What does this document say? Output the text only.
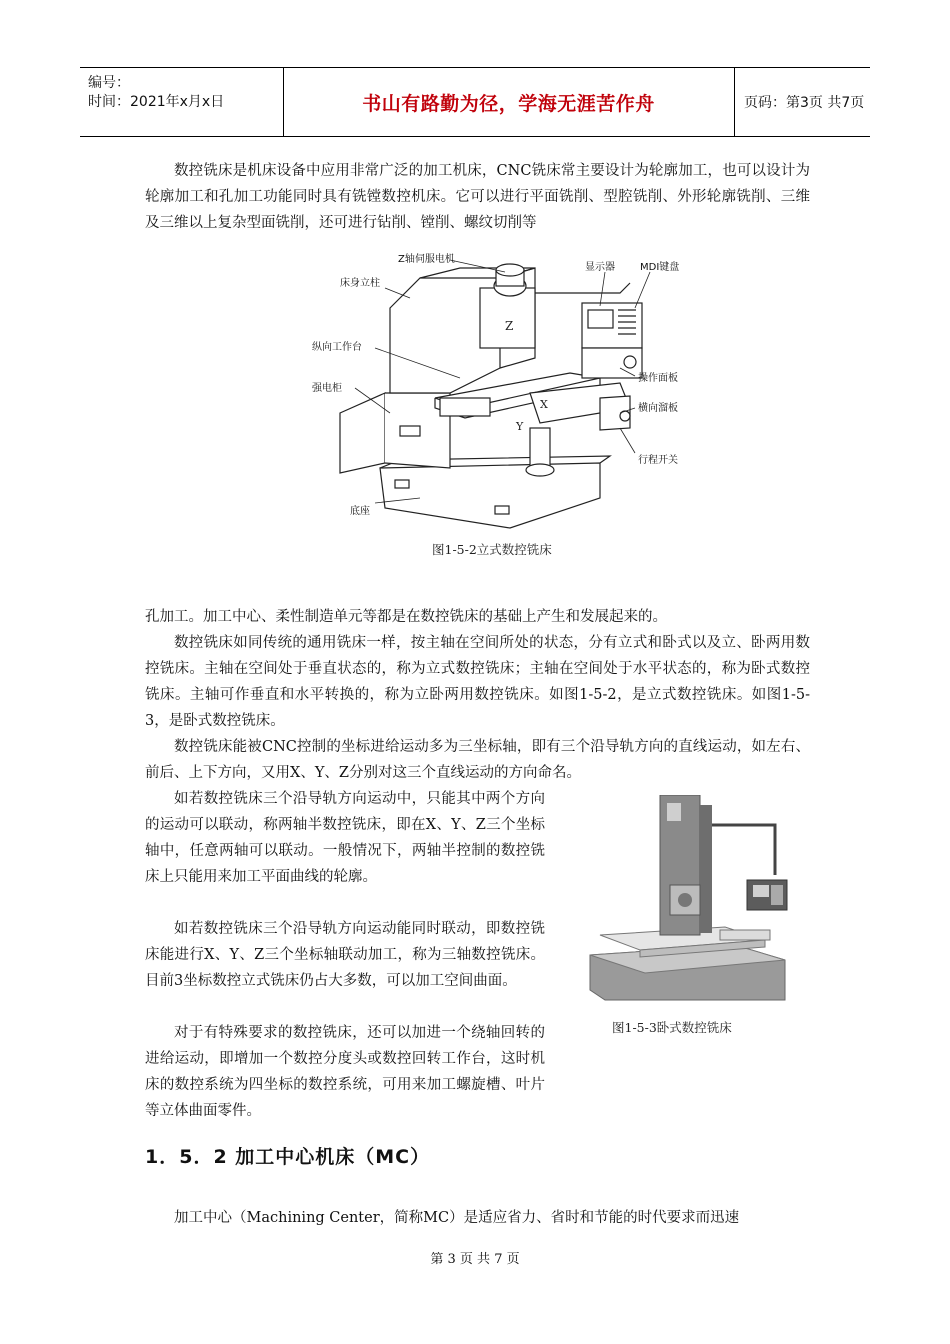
编号：
时间：2021年x月x日	书山有路勤为径，学海无涯苦作舟	页码：第3页 共7页

数控铣床是机床设备中应用非常广泛的加工机床，CNC铣床常主要设计为轮廓加工，也可以设计为轮廓加工和孔加工功能同时具有铣镗数控机床。它可以进行平面铣削、型腔铣削、外形轮廓铣削、三维及三维以上复杂型面铣削，还可进行钻削、镗削、螺纹切削等

Z
X
Y
Z轴伺服电机
床身立柱
显示器	MDI键盘
纵向工作台
操作面板
强电柜
横向溜板
行程开关
底座
图1-5-2立式数控铣床

孔加工。加工中心、柔性制造单元等都是在数控铣床的基础上产生和发展起来的。

数控铣床如同传统的通用铣床一样，按主轴在空间所处的状态，分有立式和卧式以及立、卧两用数控铣床。主轴在空间处于垂直状态的，称为立式数控铣床；主轴在空间处于水平状态的，称为卧式数控铣床。主轴可作垂直和水平转换的，称为立卧两用数控铣床。如图1-5-2，是立式数控铣床。如图1-5-3，是卧式数控铣床。

数控铣床能被CNC控制的坐标进给运动多为三坐标轴，即有三个沿导轨方向的直线运动，如左右、前后、上下方向，又用X、Y、Z分别对这三个直线运动的方向命名。

如若数控铣床三个沿导轨方向运动中，只能其中两个方向的运动可以联动，称两轴半数控铣床，即在X、Y、Z三个坐标轴中，任意两轴可以联动。一般情况下，两轴半控制的数控铣床上只能用来加工平面曲线的轮廓。

如若数控铣床三个沿导轨方向运动能同时联动，即数控铣床能进行X、Y、Z三个坐标轴联动加工，称为三轴数控铣床。目前3坐标数控立式铣床仍占大多数，可以加工空间曲面。

对于有特殊要求的数控铣床，还可以加进一个绕轴回转的进给运动，即增加一个数控分度头或数控回转工作台，这时机床的数控系统为四坐标的数控系统，可用来加工螺旋槽、叶片等立体曲面零件。

图1-5-3卧式数控铣床
1．5．2 加工中心机床（MC）

加工中心（Machining Center，简称MC）是适应省力、省时和节能的时代要求而迅速

第 3 页 共 7 页
